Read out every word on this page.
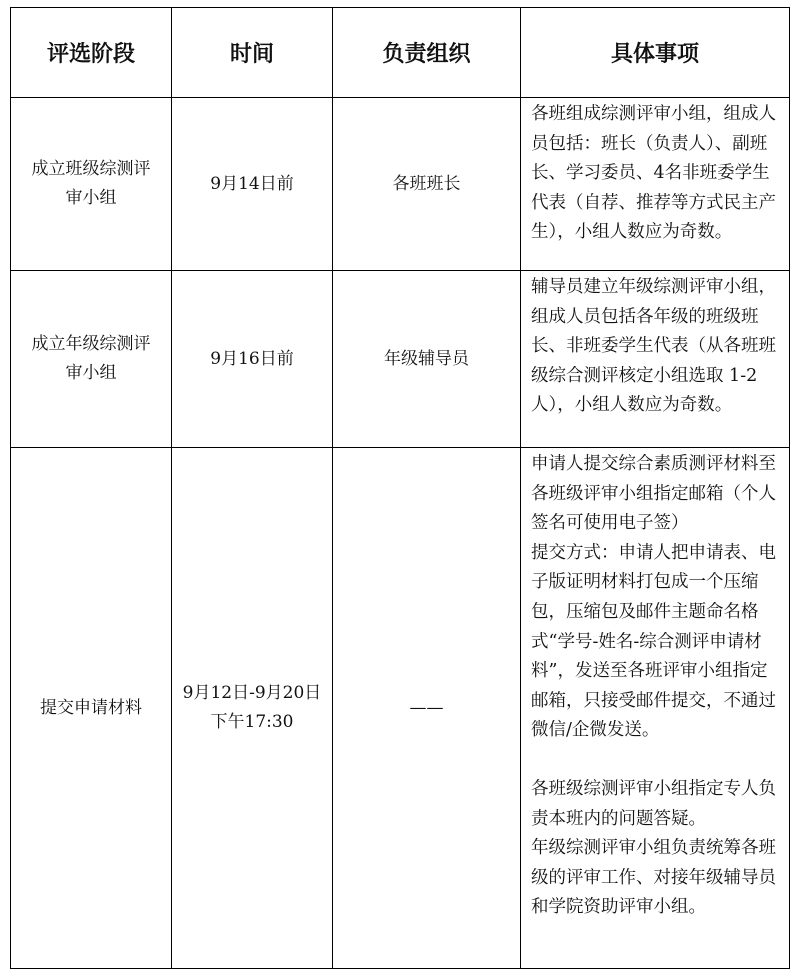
评选阶段	时间	负责组织	具体事项
成立班级综测评审小组	9月14日前	各班班长	各班组成综测评审小组，组成人员包括：班长（负责人）、副班长、学习委员、4名非班委学生代表（自荐、推荐等方式民主产生），小组人数应为奇数。

成立年级综测评审小组	9月16日前	年级辅导员	辅导员建立年级综测评审小组，组成人员包括各年级的班级班长、非班委学生代表（从各班班级综合测评核定小组选取 1-2 人），小组人数应为奇数。

提交申请材料	9月12日-9月20日下午17:30	——	申请人提交综合素质测评材料至各班级评审小组指定邮箱（个人签名可使用电子签）
提交方式：申请人把申请表、电子版证明材料打包成一个压缩包，压缩包及邮件主题命名格式“学号-姓名-综合测评申请材料”，发送至各班评审小组指定邮箱，只接受邮件提交，不通过微信/企微发送。
各班级综测评审小组指定专人负责本班内的问题答疑。
年级综测评审小组负责统筹各班级的评审工作、对接年级辅导员和学院资助评审小组。
